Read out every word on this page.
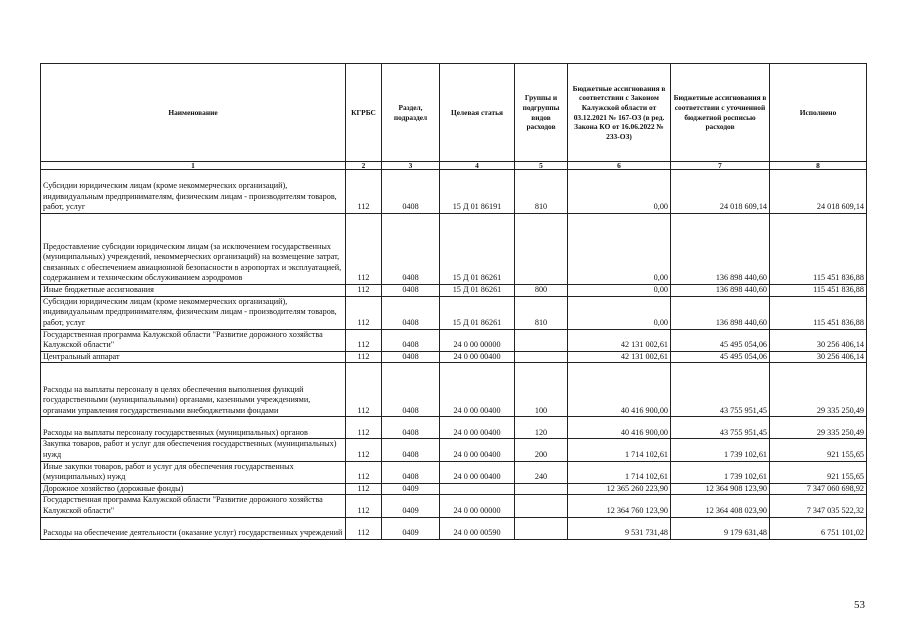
Наименование	КГРБС	Раздел, подраздел	Целевая статья	Группы и подгруппы видов расходов	Бюджетные ассигнования в соответствии с Законом Калужской области от 03.12.2021 № 167-ОЗ (в ред. Закона КО от 16.06.2022 № 233-ОЗ)	Бюджетные ассигнования в соответствии с уточненной бюджетной росписью расходов	Исполнено
1	2	3	4	5	6	7	8
Субсидии юридическим лицам (кроме некоммерческих организаций), индивидуальным предпринимателям, физическим лицам - производителям товаров, работ, услуг	112	0408	15 Д 01 86191	810	0,00	24 018 609,14	24 018 609,14
Предоставление субсидии юридическим лицам (за исключением государственных (муниципальных) учреждений, некоммерческих организаций) на возмещение затрат, связанных с обеспечением авиационной безопасности в аэропортах и эксплуатацией, содержанием и техническим обслуживанием аэродромов	112	0408	15 Д 01 86261		0,00	136 898 440,60	115 451 836,88
Иные бюджетные ассигнования	112	0408	15 Д 01 86261	800	0,00	136 898 440,60	115 451 836,88
Субсидии юридическим лицам (кроме некоммерческих организаций), индивидуальным предпринимателям, физическим лицам - производителям товаров, работ, услуг	112	0408	15 Д 01 86261	810	0,00	136 898 440,60	115 451 836,88
Государственная программа Калужской области "Развитие дорожного хозяйства Калужской области"	112	0408	24 0 00 00000		42 131 002,61	45 495 054,06	30 256 406,14
Центральный аппарат	112	0408	24 0 00 00400		42 131 002,61	45 495 054,06	30 256 406,14
Расходы на выплаты персоналу в целях обеспечения выполнения функций государственными (муниципальными) органами, казенными учреждениями, органами управления государственными внебюджетными фондами	112	0408	24 0 00 00400	100	40 416 900,00	43 755 951,45	29 335 250,49
Расходы на выплаты персоналу государственных (муниципальных) органов	112	0408	24 0 00 00400	120	40 416 900,00	43 755 951,45	29 335 250,49
Закупка товаров, работ и услуг для обеспечения государственных (муниципальных) нужд	112	0408	24 0 00 00400	200	1 714 102,61	1 739 102,61	921 155,65
Иные закупки товаров, работ и услуг для обеспечения государственных (муниципальных) нужд	112	0408	24 0 00 00400	240	1 714 102,61	1 739 102,61	921 155,65
Дорожное хозяйство (дорожные фонды)	112	0409			12 365 260 223,90	12 364 908 123,90	7 347 060 698,92
Государственная программа Калужской области "Развитие дорожного хозяйства Калужской области"	112	0409	24 0 00 00000		12 364 760 123,90	12 364 408 023,90	7 347 035 522,32
Расходы на обеспечение деятельности (оказание услуг) государственных учреждений	112	0409	24 0 00 00590		9 531 731,48	9 179 631,48	6 751 101,02
53
